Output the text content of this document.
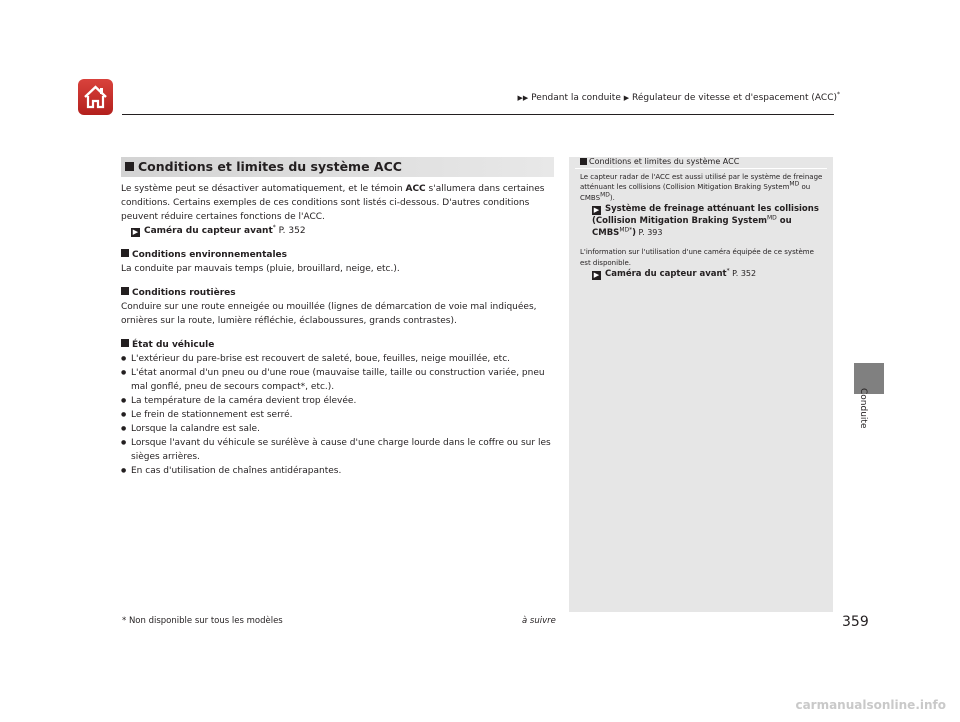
▶▶ Pendant la conduite ▶ Régulateur de vitesse et d'espacement (ACC)*
Conditions et limites du système ACC

Le système peut se désactiver automatiquement, et le témoin ACC s'allumera dans certaines conditions. Certains exemples de ces conditions sont listés ci-dessous. D'autres conditions peuvent réduire certaines fonctions de l'ACC.

▶ Caméra du capteur avant* P. 352

Conditions environnementales

La conduite par mauvais temps (pluie, brouillard, neige, etc.).

Conditions routières

Conduire sur une route enneigée ou mouillée (lignes de démarcation de voie mal indiquées, ornières sur la route, lumière réfléchie, éclaboussures, grands contrastes).

État du véhicule

● L'extérieur du pare-brise est recouvert de saleté, boue, feuilles, neige mouillée, etc.
● L'état anormal d'un pneu ou d'une roue (mauvaise taille, taille ou construction variée, pneu mal gonflé, pneu de secours compact*, etc.).
● La température de la caméra devient trop élevée.
● Le frein de stationnement est serré.
● Lorsque la calandre est sale.
● Lorsque l'avant du véhicule se surélève à cause d'une charge lourde dans le coffre ou sur les sièges arrières.
● En cas d'utilisation de chaînes antidérapantes.
Conditions et limites du système ACC

Le capteur radar de l'ACC est aussi utilisé par le système de freinage atténuant les collisions (Collision Mitigation Braking SystemMD ou CMBSMD).

▶ Système de freinage atténuant les collisions (Collision Mitigation Braking System$^{MD}$ ou $CMBS^{MD*}$) P. 393

L'information sur l'utilisation d'une caméra équipée de ce système est disponible.

▶ Caméra du capteur avant* P. 352

Conduite
* Non disponible sur tous les modèles	à suivre	359
carmanualsonline.info
